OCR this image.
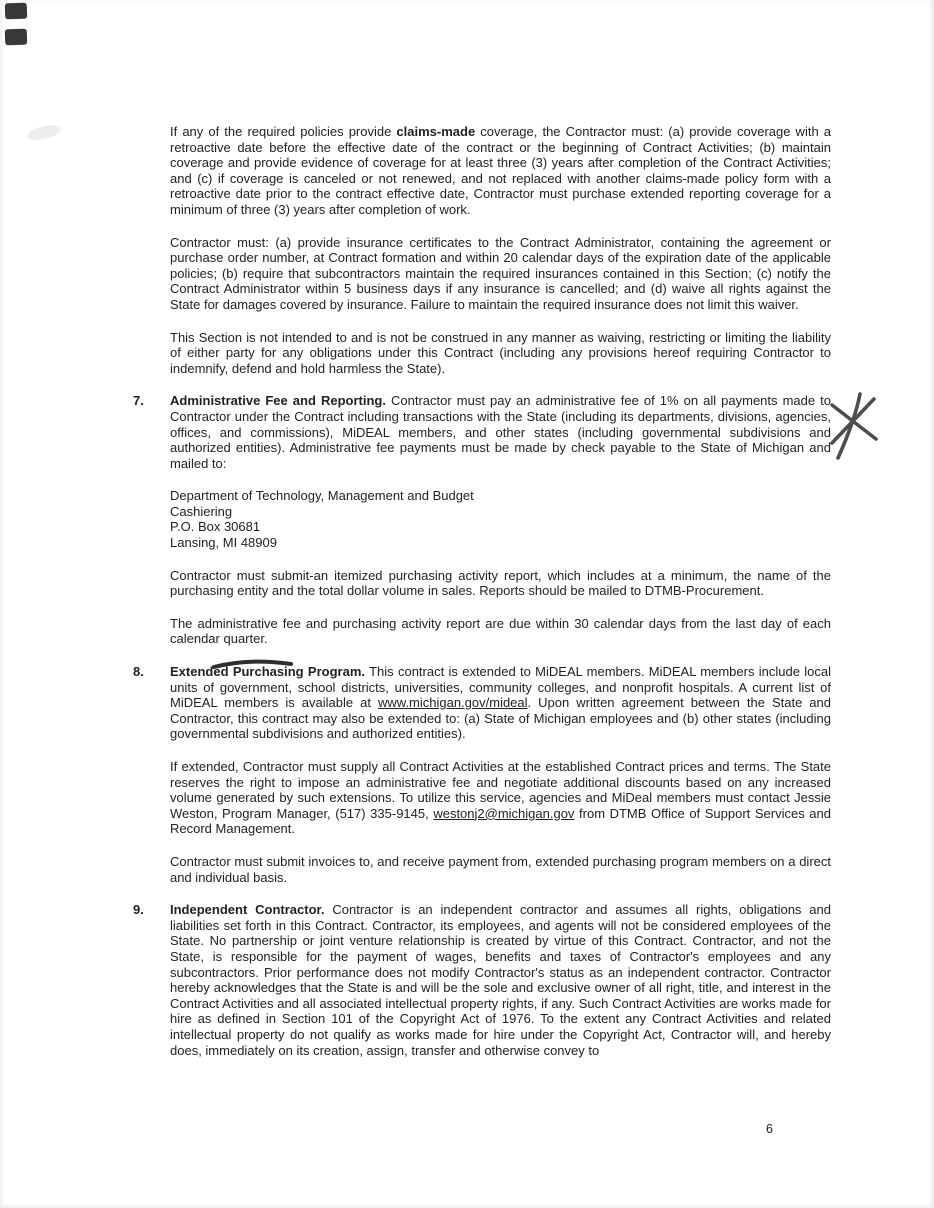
If any of the required policies provide claims-made coverage, the Contractor must: (a) provide coverage with a retroactive date before the effective date of the contract or the beginning of Contract Activities; (b) maintain coverage and provide evidence of coverage for at least three (3) years after completion of the Contract Activities; and (c) if coverage is canceled or not renewed, and not replaced with another claims-made policy form with a retroactive date prior to the contract effective date, Contractor must purchase extended reporting coverage for a minimum of three (3) years after completion of work.

Contractor must: (a) provide insurance certificates to the Contract Administrator, containing the agreement or purchase order number, at Contract formation and within 20 calendar days of the expiration date of the applicable policies; (b) require that subcontractors maintain the required insurances contained in this Section; (c) notify the Contract Administrator within 5 business days if any insurance is cancelled; and (d) waive all rights against the State for damages covered by insurance. Failure to maintain the required insurance does not limit this waiver.

This Section is not intended to and is not be construed in any manner as waiving, restricting or limiting the liability of either party for any obligations under this Contract (including any provisions hereof requiring Contractor to indemnify, defend and hold harmless the State).

7. Administrative Fee and Reporting. Contractor must pay an administrative fee of 1% on all payments made to Contractor under the Contract including transactions with the State (including its departments, divisions, agencies, offices, and commissions), MiDEAL members, and other states (including governmental subdivisions and authorized entities). Administrative fee payments must be made by check payable to the State of Michigan and mailed to:

Department of Technology, Management and Budget
Cashiering
P.O. Box 30681
Lansing, MI 48909

Contractor must submit-an itemized purchasing activity report, which includes at a minimum, the name of the purchasing entity and the total dollar volume in sales. Reports should be mailed to DTMB-Procurement.

The administrative fee and purchasing activity report are due within 30 calendar days from the last day of each calendar quarter.

8. Extended Purchasing Program. This contract is extended to MiDEAL members. MiDEAL members include local units of government, school districts, universities, community colleges, and nonprofit hospitals. A current list of MiDEAL members is available at www.michigan.gov/mideal. Upon written agreement between the State and Contractor, this contract may also be extended to: (a) State of Michigan employees and (b) other states (including governmental subdivisions and authorized entities).

If extended, Contractor must supply all Contract Activities at the established Contract prices and terms. The State reserves the right to impose an administrative fee and negotiate additional discounts based on any increased volume generated by such extensions. To utilize this service, agencies and MiDeal members must contact Jessie Weston, Program Manager, (517) 335-9145, westonj2@michigan.gov from DTMB Office of Support Services and Record Management.

Contractor must submit invoices to, and receive payment from, extended purchasing program members on a direct and individual basis.

9. Independent Contractor. Contractor is an independent contractor and assumes all rights, obligations and liabilities set forth in this Contract. Contractor, its employees, and agents will not be considered employees of the State. No partnership or joint venture relationship is created by virtue of this Contract. Contractor, and not the State, is responsible for the payment of wages, benefits and taxes of Contractor's employees and any subcontractors. Prior performance does not modify Contractor's status as an independent contractor. Contractor hereby acknowledges that the State is and will be the sole and exclusive owner of all right, title, and interest in the Contract Activities and all associated intellectual property rights, if any. Such Contract Activities are works made for hire as defined in Section 101 of the Copyright Act of 1976. To the extent any Contract Activities and related intellectual property do not qualify as works made for hire under the Copyright Act, Contractor will, and hereby does, immediately on its creation, assign, transfer and otherwise convey to

6
